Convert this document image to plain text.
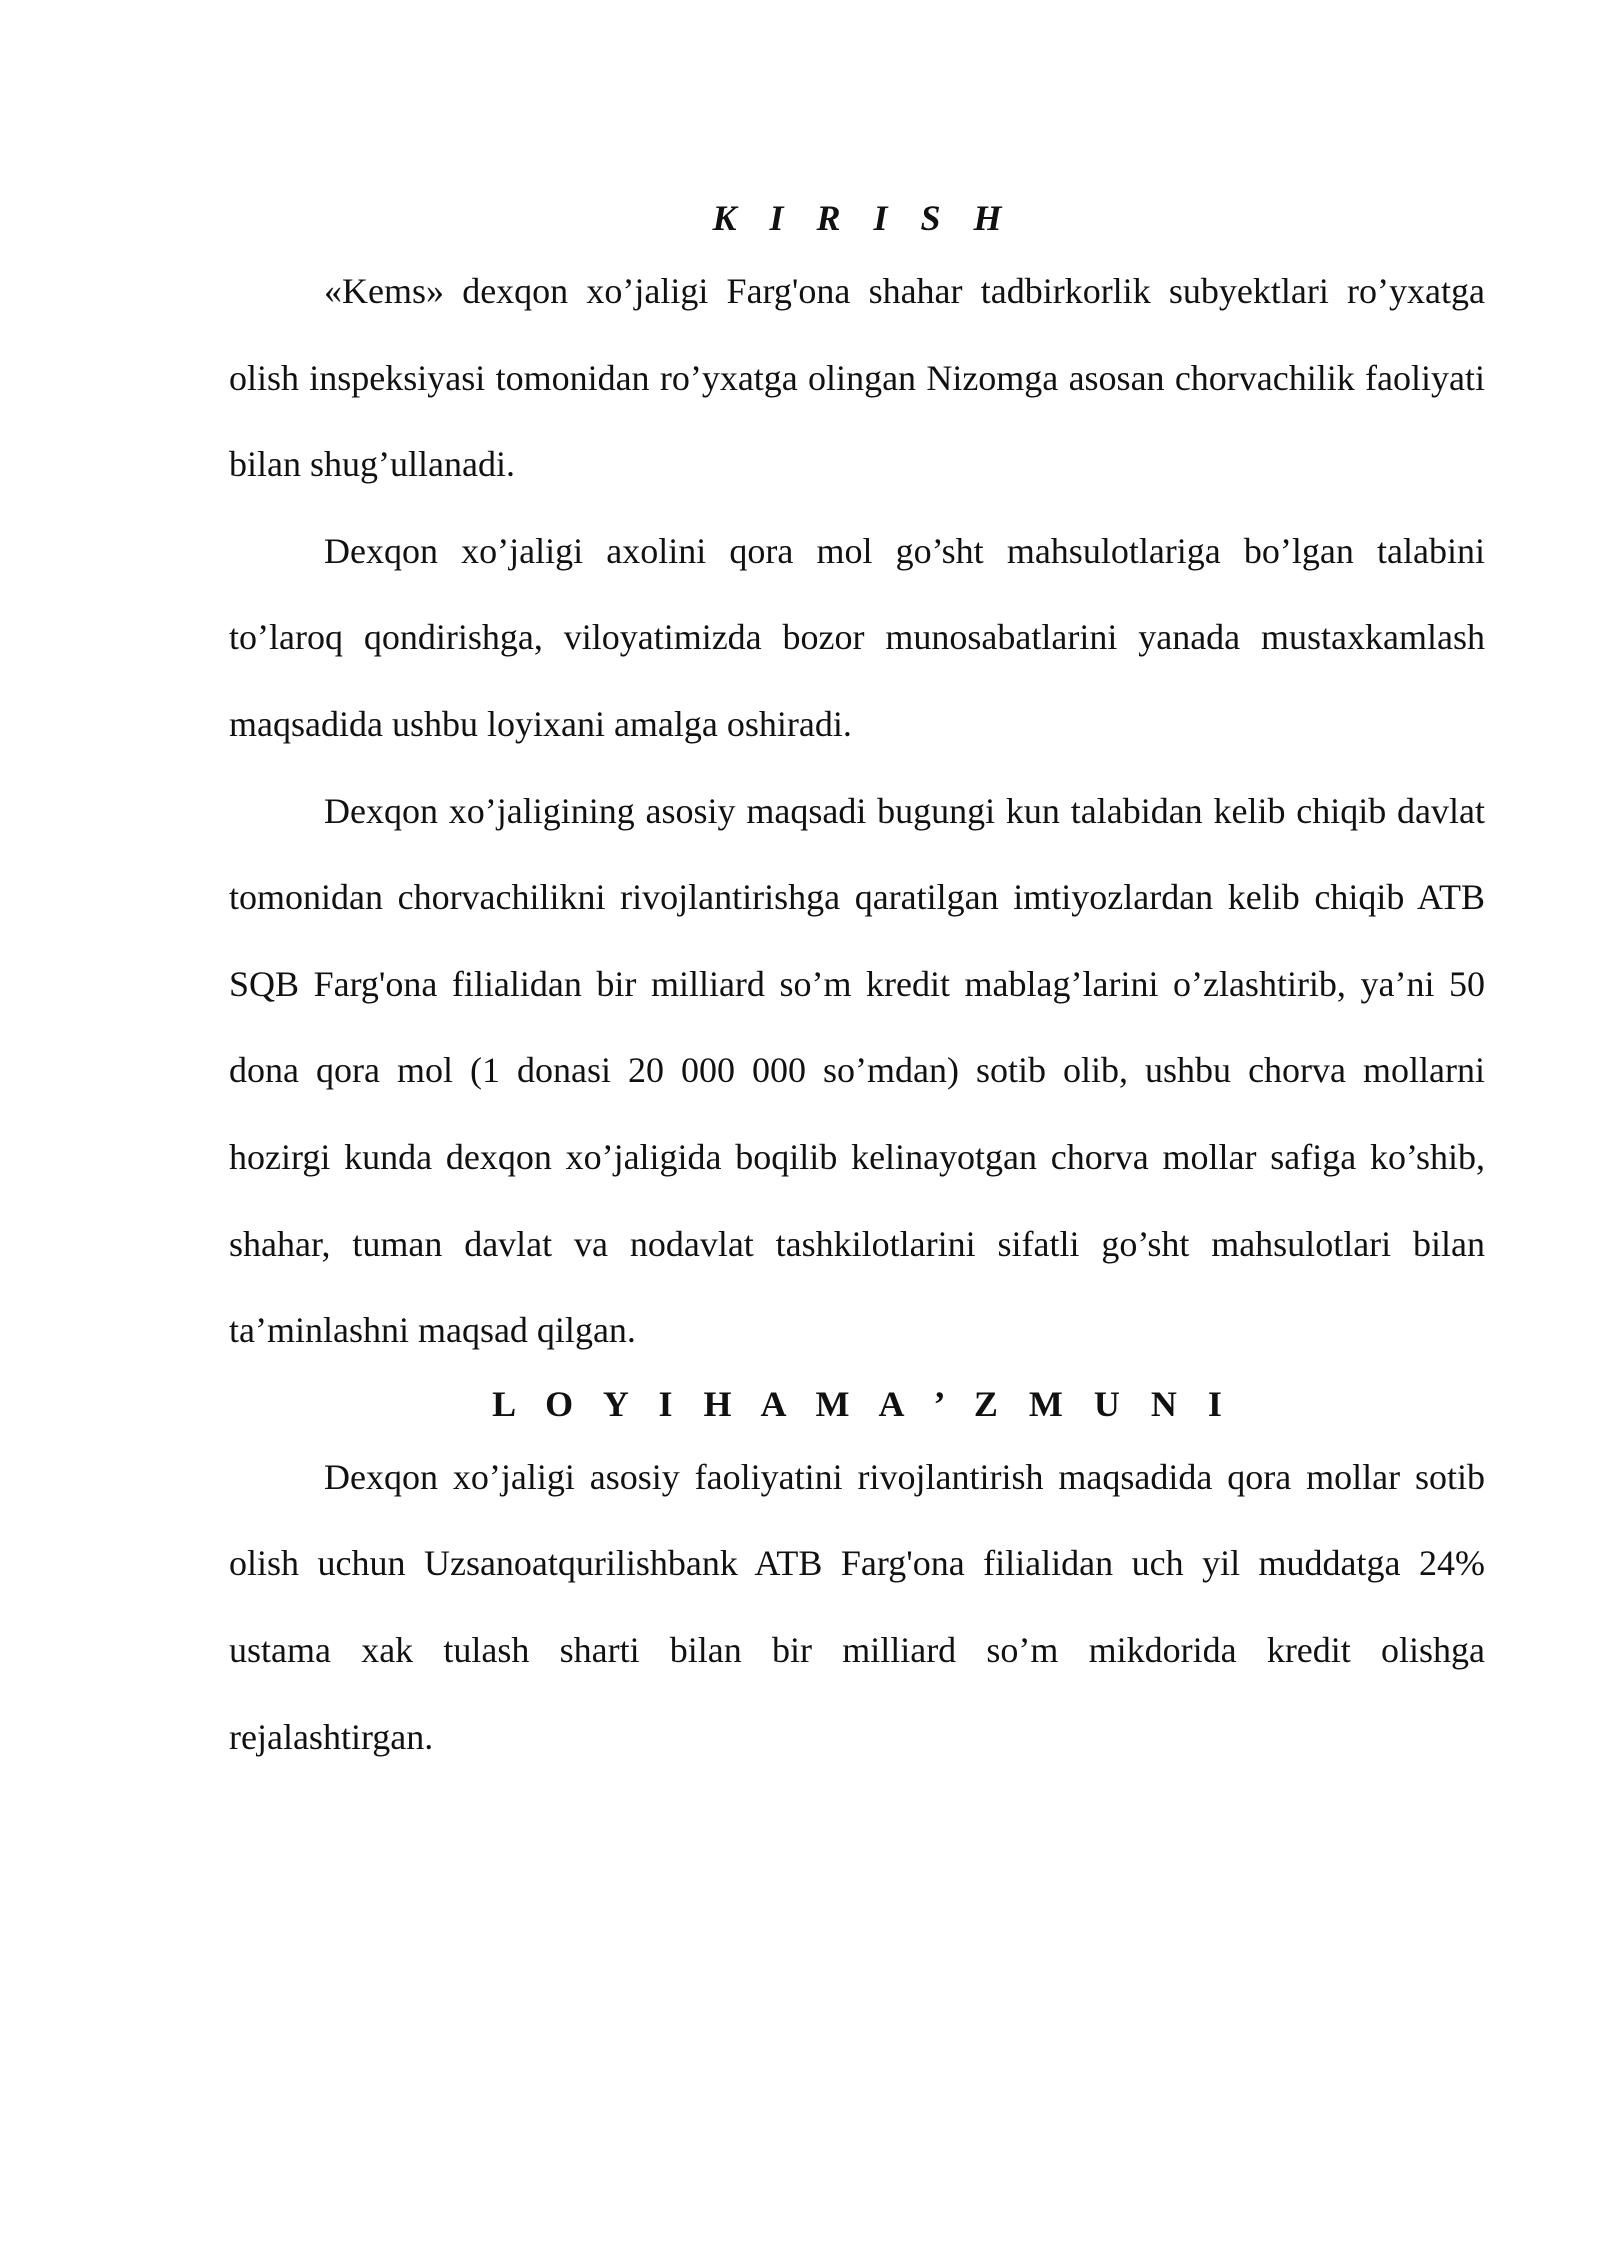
K I R I S H

«Kems» dexqon xo’jaligi Farg'ona shahar tadbirkorlik subyektlari ro’yxatga olish inspeksiyasi tomonidan ro’yxatga olingan Nizomga asosan chorvachilik faoliyati bilan shug’ullanadi.

Dexqon xo’jaligi axolini qora mol go’sht mahsulotlariga bo’lgan talabini to’laroq qondirishga, viloyatimizda bozor munosabatlarini yanada mustaxkamlash maqsadida ushbu loyixani amalga oshiradi.

Dexqon xo’jaligining asosiy maqsadi bugungi kun talabidan kelib chiqib davlat tomonidan chorvachilikni rivojlantirishga qaratilgan imtiyozlardan kelib chiqib ATB SQB Farg'ona filialidan bir milliard so’m kredit mablag’larini o’zlashtirib, ya’ni 50 dona qora mol (1 donasi 20 000 000 so’mdan) sotib olib, ushbu chorva mollarni hozirgi kunda dexqon xo’jaligida boqilib kelinayotgan chorva mollar safiga ko’shib, shahar, tuman davlat va nodavlat tashkilotlarini sifatli go’sht mahsulotlari bilan ta’minlashni maqsad qilgan.

L O Y I H A M A ’ Z M U N I

Dexqon xo’jaligi asosiy faoliyatini rivojlantirish maqsadida qora mollar sotib olish uchun Uzsanoatqurilishbank ATB Farg'ona filialidan uch yil muddatga 24% ustama xak tulash sharti bilan bir milliard so’m mikdorida kredit olishga rejalashtirgan.
